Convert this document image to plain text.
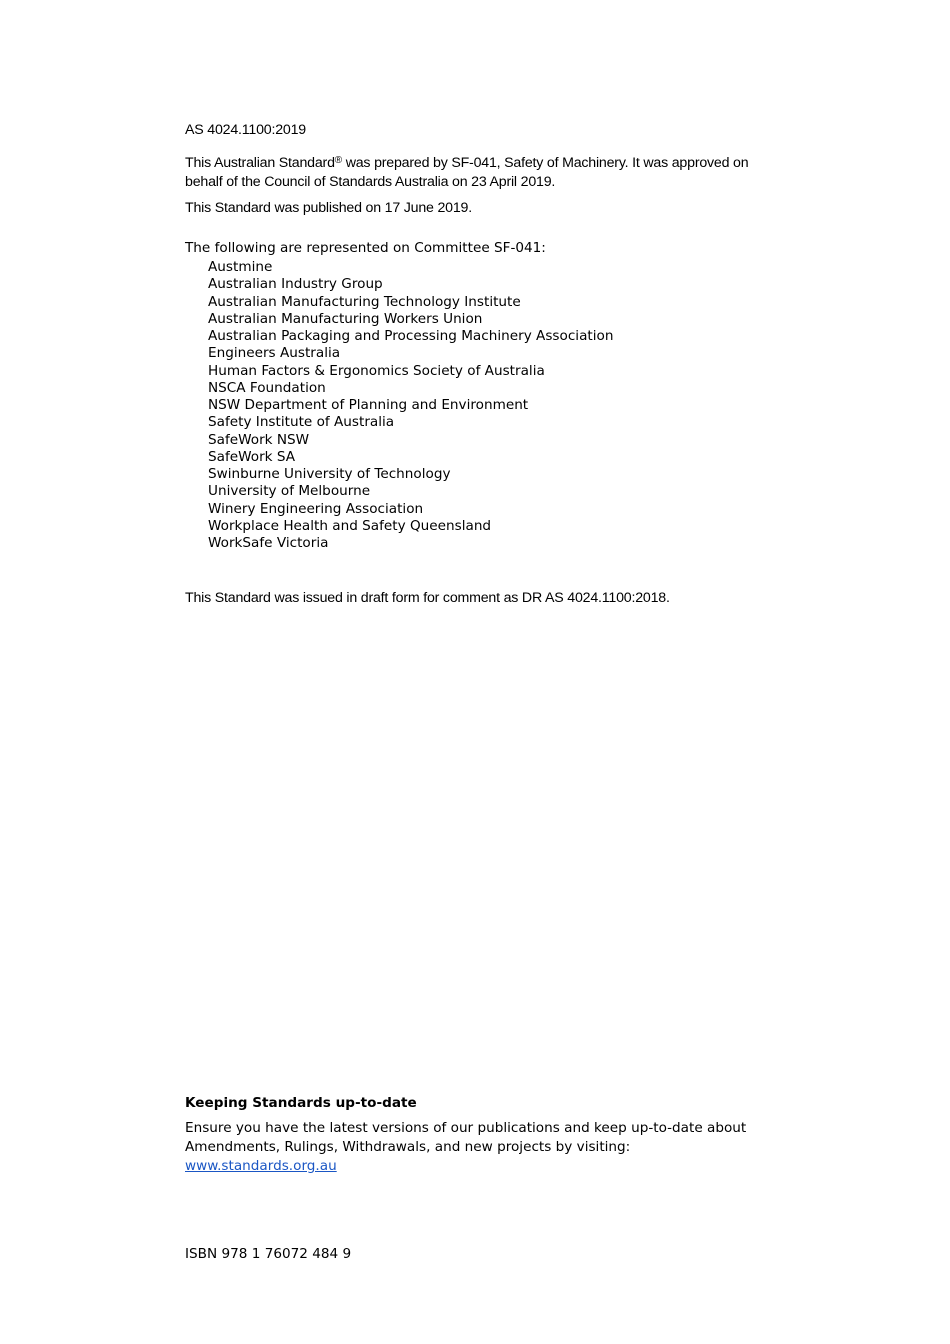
AS 4024.1100:2019
This Australian Standard® was prepared by SF-041, Safety of Machinery. It was approved on behalf of the Council of Standards Australia on 23 April 2019.
This Standard was published on 17 June 2019.
The following are represented on Committee SF-041:
Austmine
Australian Industry Group
Australian Manufacturing Technology Institute
Australian Manufacturing Workers Union
Australian Packaging and Processing Machinery Association
Engineers Australia
Human Factors & Ergonomics Society of Australia
NSCA Foundation
NSW Department of Planning and Environment
Safety Institute of Australia
SafeWork NSW
SafeWork SA
Swinburne University of Technology
University of Melbourne
Winery Engineering Association
Workplace Health and Safety Queensland
WorkSafe Victoria
This Standard was issued in draft form for comment as DR AS 4024.1100:2018.
Keeping Standards up-to-date
Ensure you have the latest versions of our publications and keep up-to-date about Amendments, Rulings, Withdrawals, and new projects by visiting:
www.standards.org.au
ISBN 978 1 76072 484 9
